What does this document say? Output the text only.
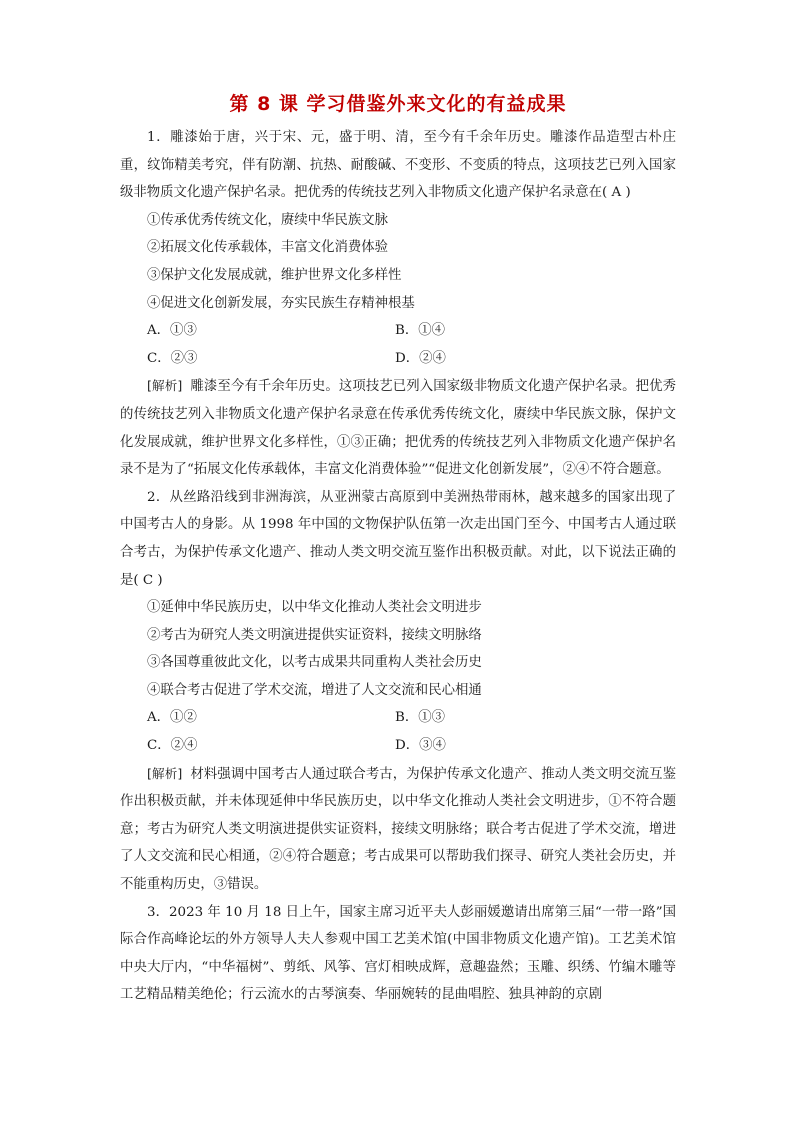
第 8 课 学习借鉴外来文化的有益成果

1．雕漆始于唐，兴于宋、元，盛于明、清，至今有千余年历史。雕漆作品造型古朴庄重，纹饰精美考究，伴有防潮、抗热、耐酸碱、不变形、不变质的特点，这项技艺已列入国家级非物质文化遗产保护名录。把优秀的传统技艺列入非物质文化遗产保护名录意在( A )

①传承优秀传统文化，赓续中华民族文脉

②拓展文化传承载体，丰富文化消费体验

③保护文化发展成就，维护世界文化多样性

④促进文化创新发展，夯实民族生存精神根基

A．①③	B．①④
C．②③	D．②④

[解析] 雕漆至今有千余年历史。这项技艺已列入国家级非物质文化遗产保护名录。把优秀的传统技艺列入非物质文化遗产保护名录意在传承优秀传统文化，赓续中华民族文脉，保护文化发展成就，维护世界文化多样性，①③正确；把优秀的传统技艺列入非物质文化遗产保护名录不是为了“拓展文化传承载体，丰富文化消费体验”“促进文化创新发展”，②④不符合题意。

2．从丝路沿线到非洲海滨，从亚洲蒙古高原到中美洲热带雨林，越来越多的国家出现了中国考古人的身影。从 1998 年中国的文物保护队伍第一次走出国门至今、中国考古人通过联合考古，为保护传承文化遗产、推动人类文明交流互鉴作出积极贡献。对此，以下说法正确的是( C )

①延伸中华民族历史，以中华文化推动人类社会文明进步

②考古为研究人类文明演进提供实证资料，接续文明脉络

③各国尊重彼此文化，以考古成果共同重构人类社会历史

④联合考古促进了学术交流，增进了人文交流和民心相通

A．①②	B．①③
C．②④	D．③④

[解析] 材料强调中国考古人通过联合考古，为保护传承文化遗产、推动人类文明交流互鉴作出积极贡献，并未体现延伸中华民族历史，以中华文化推动人类社会文明进步，①不符合题意；考古为研究人类文明演进提供实证资料，接续文明脉络；联合考古促进了学术交流，增进了人文交流和民心相通，②④符合题意；考古成果可以帮助我们探寻、研究人类社会历史，并不能重构历史，③错误。

3．2023 年 10 月 18 日上午，国家主席习近平夫人彭丽媛邀请出席第三届“一带一路”国际合作高峰论坛的外方领导人夫人参观中国工艺美术馆(中国非物质文化遗产馆)。工艺美术馆中央大厅内，“中华福树”、剪纸、风筝、宫灯相映成辉，意趣盎然；玉雕、织绣、竹编木雕等工艺精品精美绝伦；行云流水的古琴演奏、华丽婉转的昆曲唱腔、独具神韵的京剧
